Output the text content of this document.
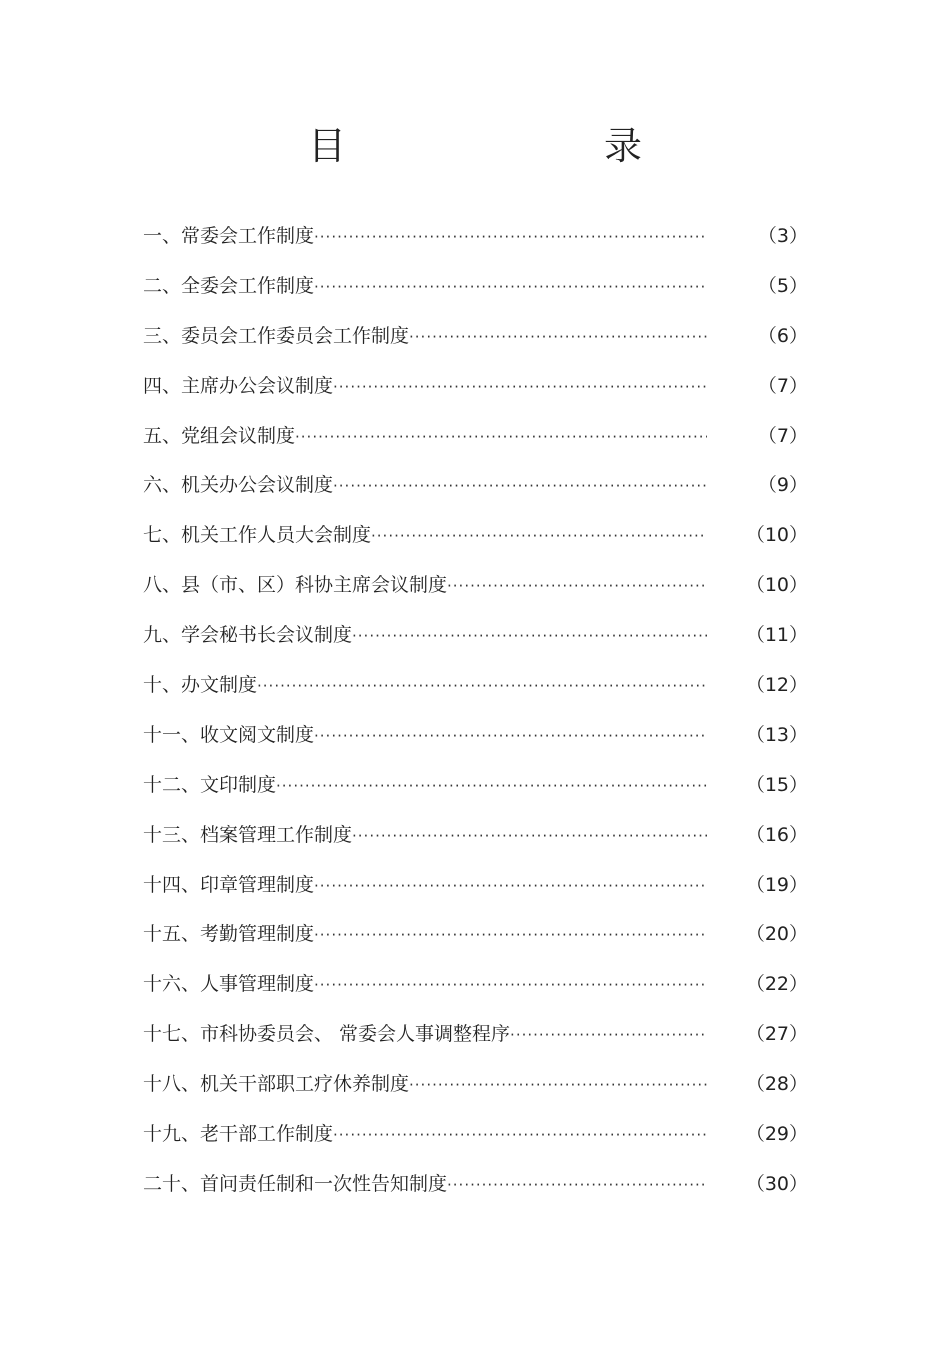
目　录
一、常委会工作制度 ·····	（3）
二、全委会工作制度 ·····	（5）
三、委员会工作委员会工作制度 ·····	（6）
四、主席办公会议制度 ·····	（7）
五、党组会议制度 ·····	（7）
六、机关办公会议制度 ·····	（9）
七、机关工作人员大会制度 ·····	（10）
八、县（市、区）科协主席会议制度 ·····	（10）
九、学会秘书长会议制度 ·····	（11）
十、办文制度 ·····	（12）
十一、收文阅文制度 ·····	（13）
十二、文印制度 ·····	（15）
十三、档案管理工作制度 ·····	（16）
十四、印章管理制度 ·····	（19）
十五、考勤管理制度 ·····	（20）
十六、人事管理制度 ·····	（22）
十七、市科协委员会、 常委会人事调整程序 ·····	（27）
十八、机关干部职工疗休养制度 ·····	（28）
十九、老干部工作制度 ·····	（29）
二十、首问责任制和一次性告知制度 ·····	（30）
